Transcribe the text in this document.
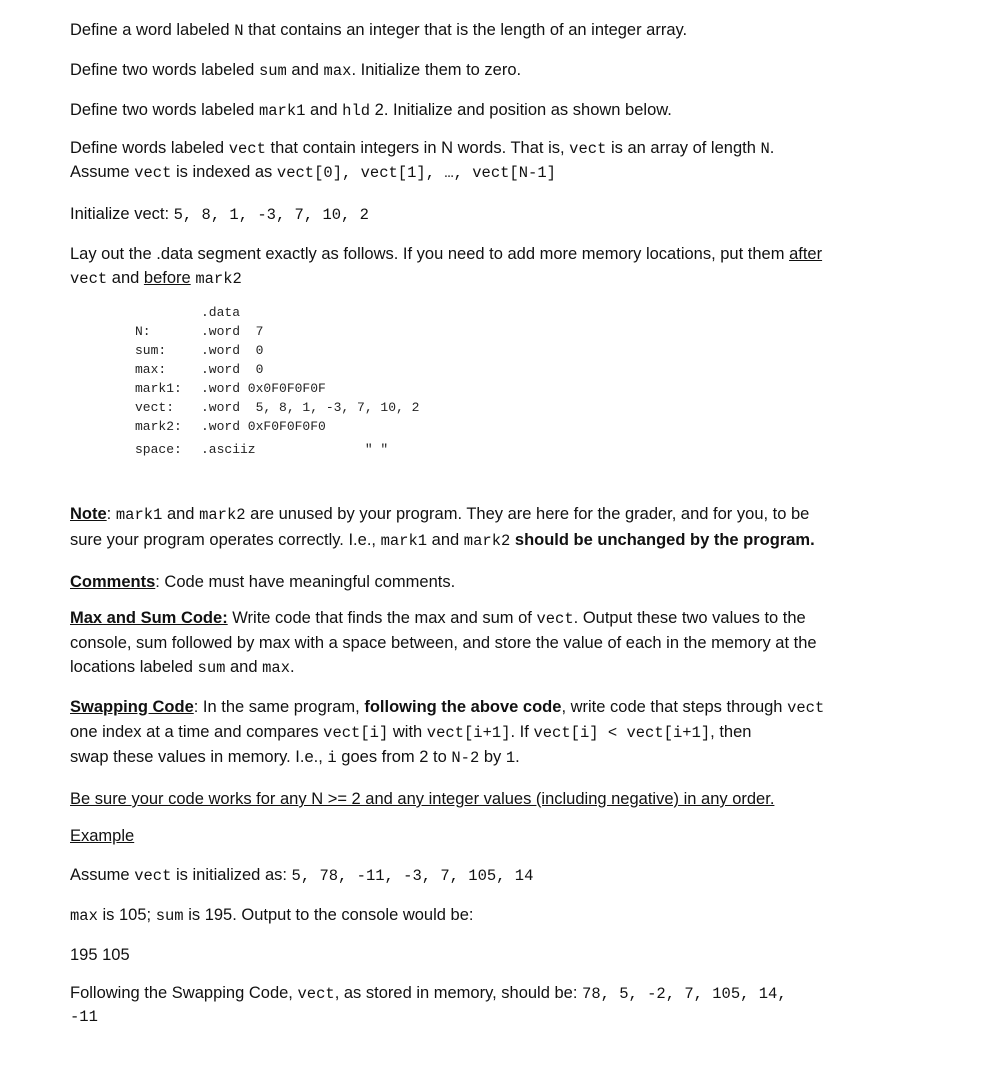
Define a word labeled N that contains an integer that is the length of an integer array.
Define two words labeled sum and max. Initialize them to zero.
Define two words labeled mark1 and hld 2. Initialize and position as shown below.
Define words labeled vect that contain integers in N words. That is, vect is an array of length N.
Assume vect is indexed as vect[0], vect[1], …, vect[N-1]
Initialize vect: 5, 8, 1, -3, 7, 10, 2
Lay out the .data segment exactly as follows. If you need to add more memory locations, put them after
vect and before mark2
.data
N:	.word  7
sum:	.word  0
max:	.word  0
mark1: .word 0x0F0F0F0F
vect: .word  5, 8, 1, -3, 7, 10, 2
mark2: .word 0xF0F0F0F0

space: .asciiz              " "
Note: mark1 and mark2 are unused by your program. They are here for the grader, and for you, to be
sure your program operates correctly. I.e., mark1 and mark2 should be unchanged by the program.
Comments: Code must have meaningful comments.
Max and Sum Code: Write code that finds the max and sum of vect. Output these two values to the
console, sum followed by max with a space between, and store the value of each in the memory at the
locations labeled sum and max.
Swapping Code: In the same program, following the above code, write code that steps through vect
one index at a time and compares vect[i] with vect[i+1]. If vect[i] < vect[i+1], then
swap these values in memory. I.e., i goes from 2 to N-2 by 1.
Be sure your code works for any N >= 2 and any integer values (including negative) in any order.
Example
Assume vect is initialized as: 5, 78, -11, -3, 7, 105, 14
max is 105; sum is 195. Output to the console would be:
195 105
Following the Swapping Code, vect, as stored in memory, should be: 78, 5, -2, 7, 105, 14,
-11
